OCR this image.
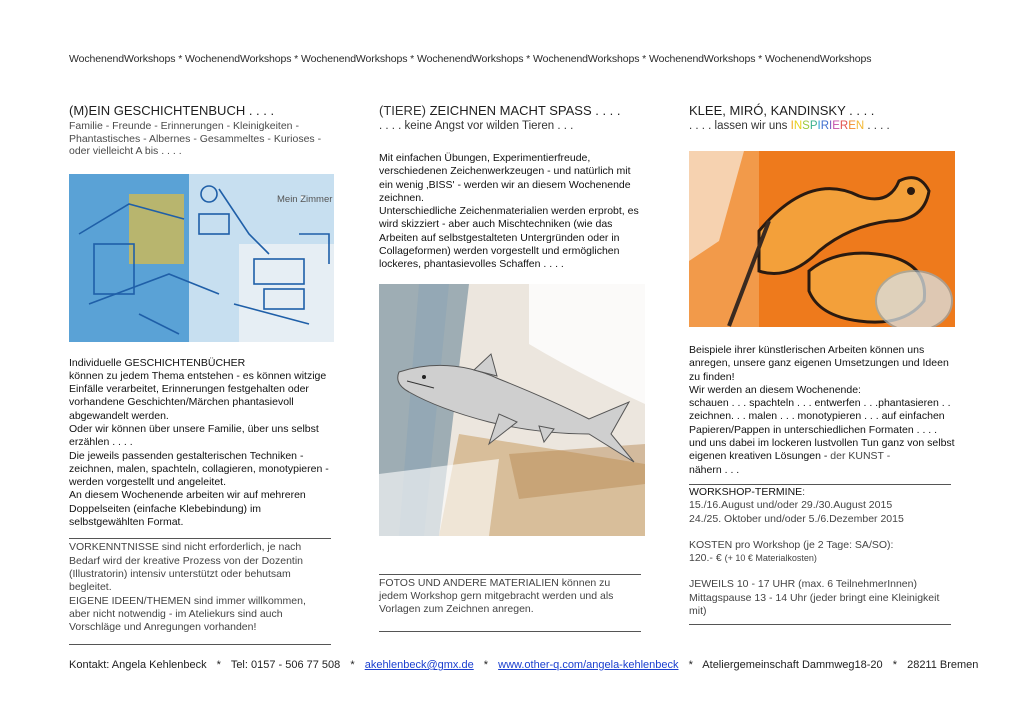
WochenendWorkshops * WochenendWorkshops * WochenendWorkshops * WochenendWorkshops * WochenendWorkshops * WochenendWorkshops * WochenendWorkshops
(M)EIN GESCHICHTENBUCH . . . .
Familie - Freunde - Erinnerungen - Kleinigkeiten - Phantastisches - Albernes - Gesammeltes - Kurioses - oder vielleicht A bis . . . .
Mein Zimmer
Individuelle GESCHICHTENBÜCHER
können zu jedem Thema entstehen - es können witzige Einfälle verarbeitet, Erinnerungen festgehalten oder vorhandene Geschichten/Märchen phantasievoll abgewandelt werden.
Oder wir können über unsere Familie, über uns selbst erzählen . . . .
Die jeweils passenden gestalterischen Techniken - zeichnen, malen, spachteln, collagieren, monotypieren - werden vorgestellt und angeleitet.
An diesem Wochenende arbeiten wir auf mehreren Doppelseiten (einfache Klebebindung) im selbstgewählten Format.
VORKENNTNISSE sind nicht erforderlich, je nach Bedarf wird der kreative Prozess von der Dozentin (Illustratorin) intensiv unterstützt oder behutsam begleitet.
EIGENE IDEEN/THEMEN sind immer willkommen, aber nicht notwendig - im Ateliekurs sind auch Vorschläge und Anregungen vorhanden!
(TIERE) ZEICHNEN MACHT SPASS . . . .
. . . . keine Angst vor wilden Tieren . . .
Mit einfachen Übungen, Experimentierfreude, verschiedenen Zeichenwerkzeugen - und natürlich mit ein wenig ‚BISS' - werden wir an diesem Wochenende zeichnen.
Unterschiedliche Zeichenmaterialien werden erprobt, es wird skizziert - aber auch Mischtechniken (wie das Arbeiten auf selbstgestalteten Untergründen oder in Collageformen) werden vorgestellt und ermöglichen lockeres, phantasievolles Schaffen . . . .
FOTOS UND ANDERE MATERIALIEN können zu jedem Workshop gern mitgebracht werden und als Vorlagen zum Zeichnen anregen.
KLEE, MIRÓ, KANDINSKY . . . .
. . . . lassen wir uns INSPIRIEREN . . . .
Beispiele ihrer künstlerischen Arbeiten können uns anregen, unsere ganz eigenen Umsetzungen und Ideen zu finden!
Wir werden an diesem Wochenende:
schauen . . . spachteln . . . entwerfen . . .phantasieren . . zeichnen. . . malen . . . monotypieren . . . auf einfachen Papieren/Pappen in unterschiedlichen Formaten . . . . und uns dabei im lockeren lustvollen Tun ganz von selbst eigenen kreativen Lösungen - der KUNST -
nähern . . .
WORKSHOP-TERMINE:
15./16.August und/oder 29./30.August 2015
24./25. Oktober und/oder 5./6.Dezember 2015
KOSTEN pro Workshop (je 2 Tage: SA/SO):
120.- € (+ 10 € Materialkosten)
JEWEILS 10 - 17 UHR (max. 6 TeilnehmerInnen)
Mittagspause 13 - 14 Uhr (jeder bringt eine Kleinigkeit mit)
Kontakt: Angela Kehlenbeck * Tel: 0157 - 506 77 508 * akehlenbeck@gmx.de * www.other-q.com/angela-kehlenbeck * Ateliergemeinschaft Dammweg18-20 * 28211 Bremen
